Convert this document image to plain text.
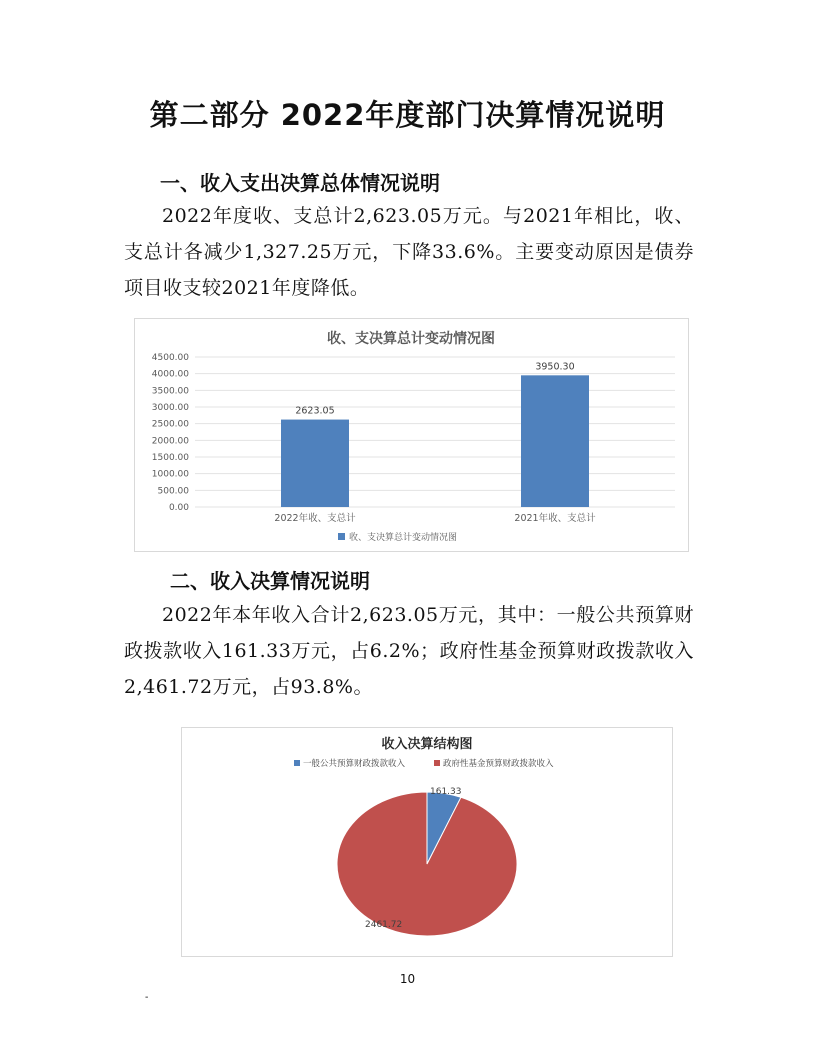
第二部分 2022年度部门决算情况说明
一、收入支出决算总体情况说明
2022年度收、支总计2,623.05万元。与2021年相比，收、支总计各减少1,327.25万元，下降33.6%。主要变动原因是债券项目收支较2021年度降低。
收、支决算总计变动情况图
4500.00
4000.00
3500.00
3000.00
2500.00
2000.00
1500.00
1000.00
500.00
0.00
2623.05
3950.30
2022年收、支总计	2021年收、支总计
收、支决算总计变动情况图
二、收入决算情况说明
2022年本年收入合计2,623.05万元，其中：一般公共预算财政拨款收入161.33万元，占6.2%；政府性基金预算财政拨款收入2,461.72万元，占93.8%。
收入决算结构图
一般公共预算财政拨款收入	政府性基金预算财政拨款收入
161.33
2461.72
10
-
